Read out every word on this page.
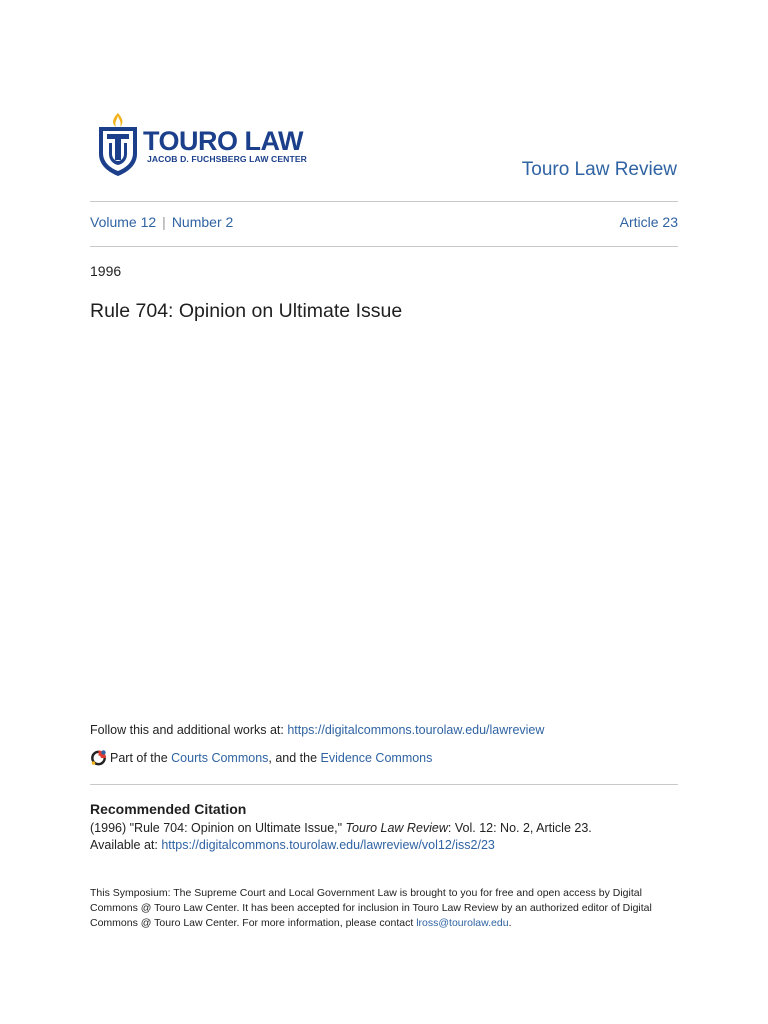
TOURO LAW
JACOB D. FUCHSBERG LAW CENTER	Touro Law Review
Volume 12 | Number 2	Article 23
1996
Rule 704: Opinion on Ultimate Issue
Follow this and additional works at: https://digitalcommons.tourolaw.edu/lawreview
Part of the Courts Commons, and the Evidence Commons
Recommended Citation
(1996) "Rule 704: Opinion on Ultimate Issue," Touro Law Review: Vol. 12: No. 2, Article 23.
Available at: https://digitalcommons.tourolaw.edu/lawreview/vol12/iss2/23
This Symposium: The Supreme Court and Local Government Law is brought to you for free and open access by Digital Commons @ Touro Law Center. It has been accepted for inclusion in Touro Law Review by an authorized editor of Digital Commons @ Touro Law Center. For more information, please contact lross@tourolaw.edu.
